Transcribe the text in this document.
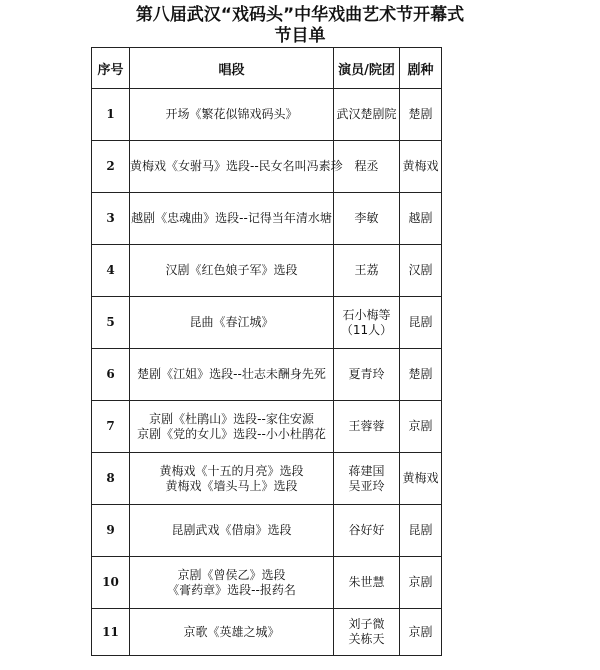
第八届武汉“戏码头”中华戏曲艺术节开幕式
节目单
序号	唱段	演员/院团	剧种
1	开场《繁花似锦戏码头》	武汉楚剧院	楚剧
2	黄梅戏《女驸马》选段--民女名叫冯素珍	程丞	黄梅戏
3	越剧《忠魂曲》选段--记得当年清水塘	李敏	越剧
4	汉剧《红色娘子军》选段	王荔	汉剧
5	昆曲《春江城》	石小梅等
（11人）	昆剧
6	楚剧《江姐》选段--壮志未酬身先死	夏青玲	楚剧
7	京剧《杜鹃山》选段--家住安源
京剧《党的女儿》选段--小小杜鹃花	王蓉蓉	京剧
8	黄梅戏《十五的月亮》选段
黄梅戏《墙头马上》选段	蒋建国
吴亚玲	黄梅戏
9	昆剧武戏《借扇》选段	谷好好	昆剧
10	京剧《曾侯乙》选段
《膏药章》选段--报药名	朱世慧	京剧
11	京歌《英雄之城》	刘子微
关栋天	京剧
